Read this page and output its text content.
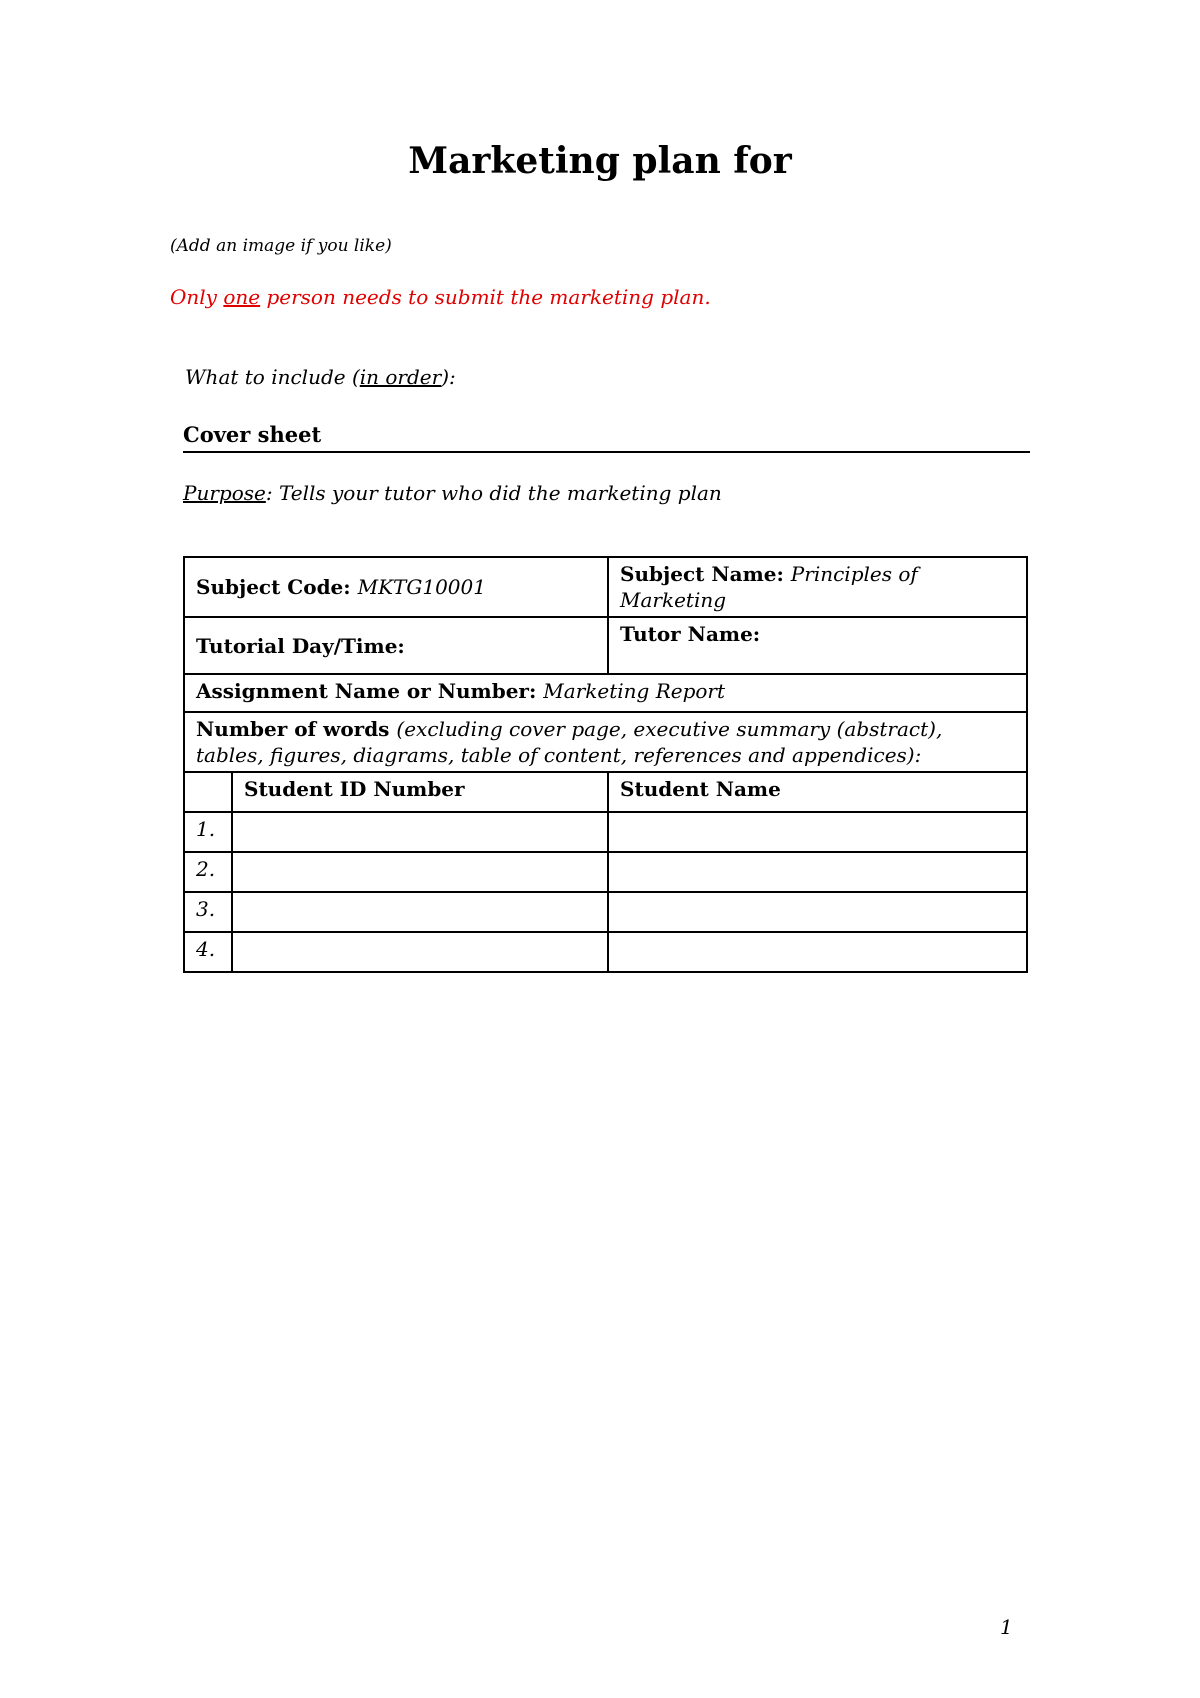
Marketing plan for
(Add an image if you like)
Only one person needs to submit the marketing plan.
What to include (in order):
Cover sheet
Purpose: Tells your tutor who did the marketing plan
Subject Code: MKTG10001		Subject Name: Principles of Marketing
Tutorial Day/Time:		Tutor Name:
Assignment Name or Number: Marketing Report		
Number of words (excluding cover page, executive summary (abstract), tables, figures, diagrams, table of content, references and appendices):		
	Student ID Number	Student Name
1.		
2.		
3.		
4.		
1
